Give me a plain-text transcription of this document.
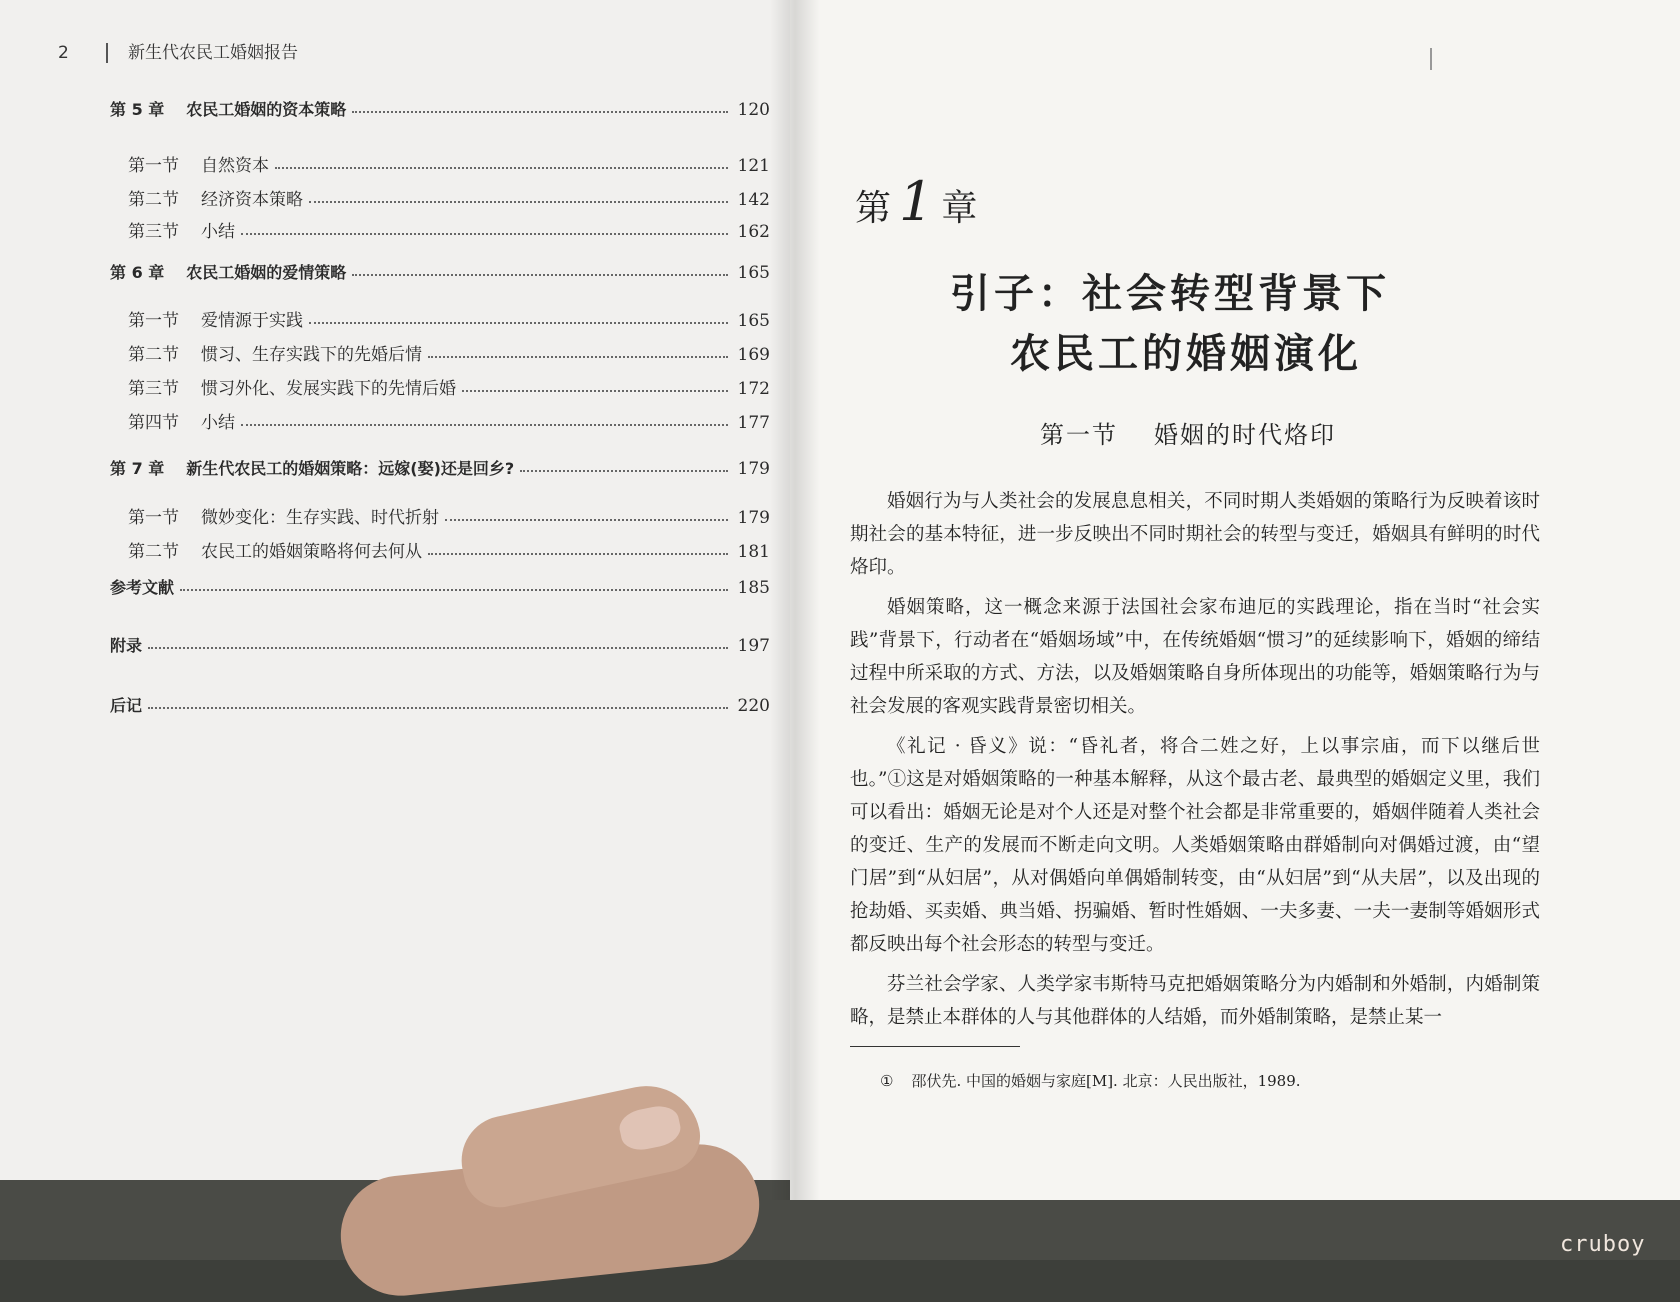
2	新生代农民工婚姻报告
第 5 章 农民工婚姻的资本策略	120
第一节 自然资本	121
第二节 经济资本策略	142
第三节 小结	162
第 6 章 农民工婚姻的爱情策略	165
第一节 爱情源于实践	165
第二节 惯习、生存实践下的先婚后情	169
第三节 惯习外化、发展实践下的先情后婚	172
第四节 小结	177
第 7 章 新生代农民工的婚姻策略：远嫁(娶)还是回乡?	179
第一节 微妙变化：生存实践、时代折射	179
第二节 农民工的婚姻策略将何去何从	181
参考文献	185
附录	197
后记	220
第 1 章
引子：社会转型背景下
农民工的婚姻演化
第一节 婚姻的时代烙印

婚姻行为与人类社会的发展息息相关，不同时期人类婚姻的策略行为反映着该时期社会的基本特征，进一步反映出不同时期社会的转型与变迁，婚姻具有鲜明的时代烙印。

婚姻策略，这一概念来源于法国社会家布迪厄的实践理论，指在当时“社会实践”背景下，行动者在“婚姻场域”中，在传统婚姻“惯习”的延续影响下，婚姻的缔结过程中所采取的方式、方法，以及婚姻策略自身所体现出的功能等，婚姻策略行为与社会发展的客观实践背景密切相关。

《礼记 · 昏义》说：“昏礼者，将合二姓之好，上以事宗庙，而下以继后世也。”①这是对婚姻策略的一种基本解释，从这个最古老、最典型的婚姻定义里，我们可以看出：婚姻无论是对个人还是对整个社会都是非常重要的，婚姻伴随着人类社会的变迁、生产的发展而不断走向文明。人类婚姻策略由群婚制向对偶婚过渡，由“望门居”到“从妇居”，从对偶婚向单偶婚制转变，由“从妇居”到“从夫居”，以及出现的抢劫婚、买卖婚、典当婚、拐骗婚、暂时性婚姻、一夫多妻、一夫一妻制等婚姻形式都反映出每个社会形态的转型与变迁。

芬兰社会学家、人类学家韦斯特马克把婚姻策略分为内婚制和外婚制，内婚制策略，是禁止本群体的人与其他群体的人结婚，而外婚制策略，是禁止某一

① 邵伏先. 中国的婚姻与家庭[M]. 北京：人民出版社，1989.
cruboy
